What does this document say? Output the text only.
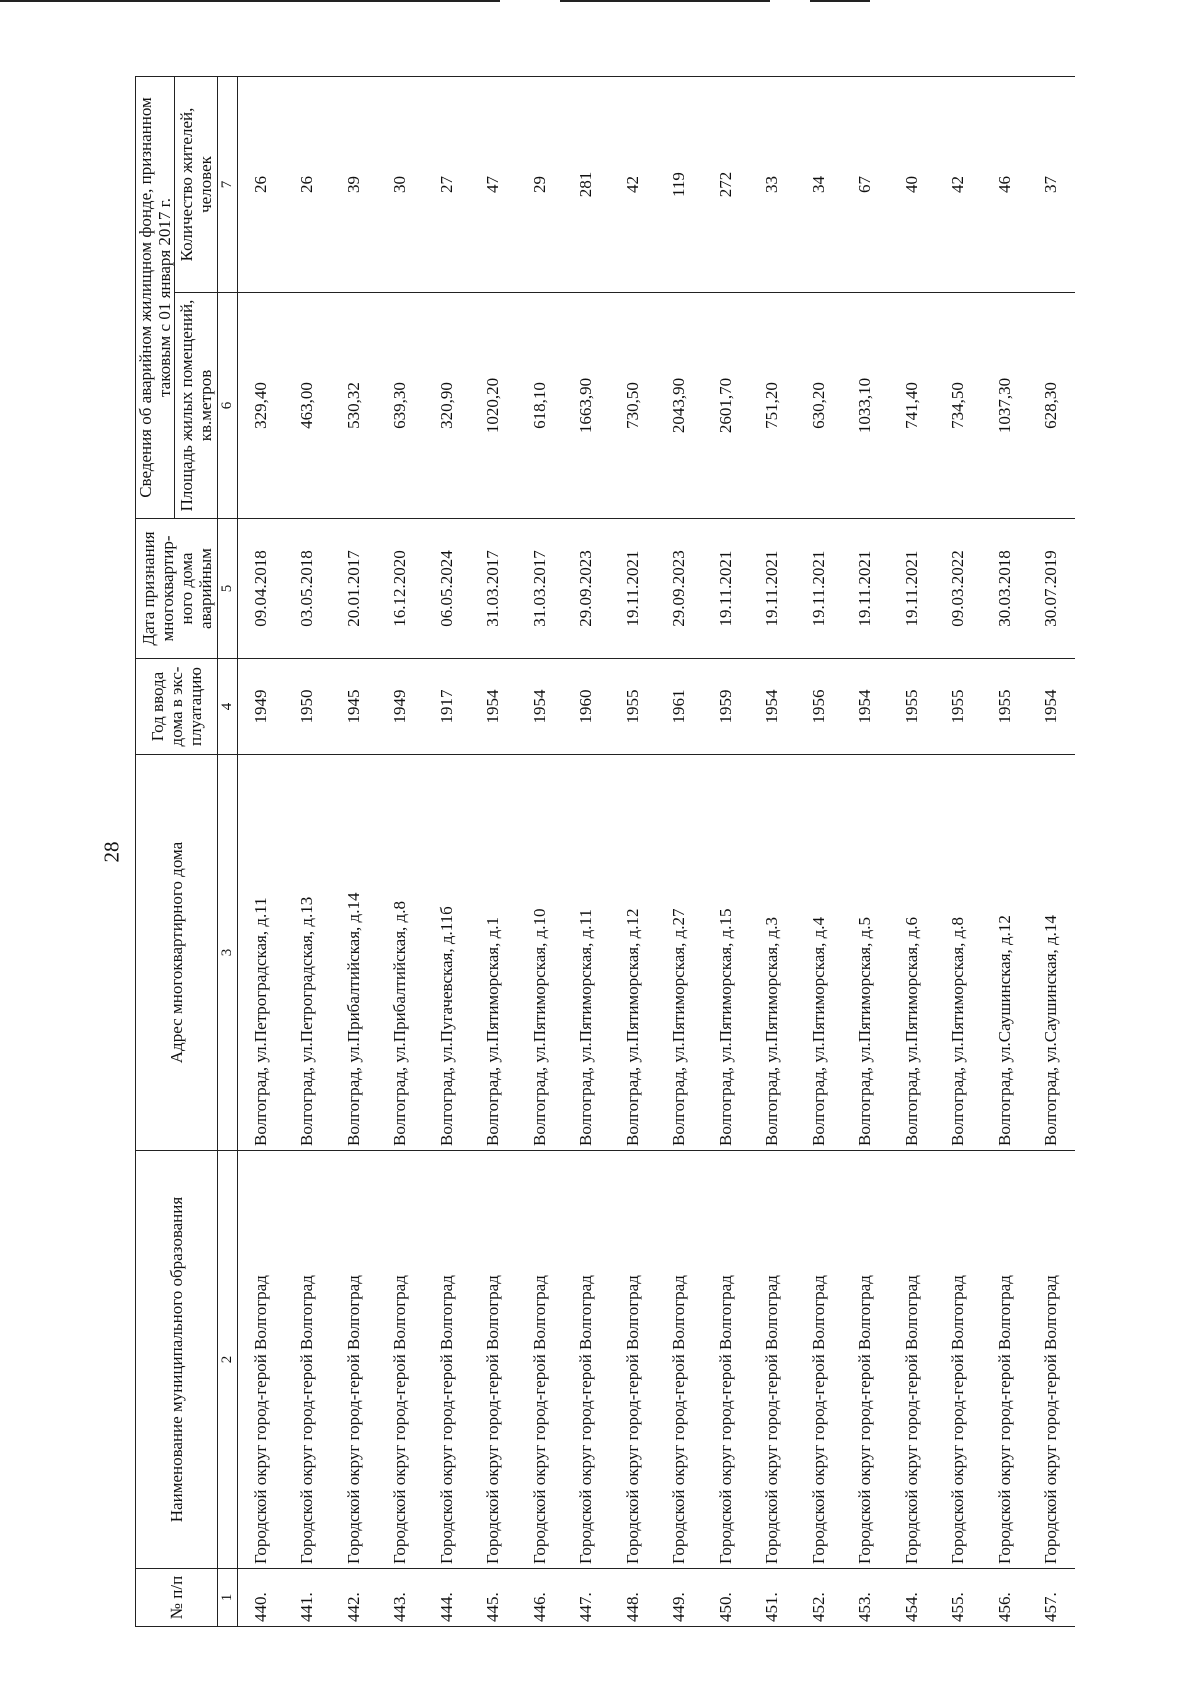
28
№ п/п	Наименование муниципального образования	Адрес многоквартирного дома	Год ввода дома в экс-плуатацию	Дата признания многоквартир-ного дома аварийным	Сведения об аварийном жилищном фонде, признанном таковым с 01 января 2017 г.	
					Площадь жилых помещений, кв.метров	Количество жителей, человек
1	2	3	4	5	6	7
440.	Городской округ город-герой Волгоград	Волгоград, ул.Петроградская, д.11	1949	09.04.2018	329,40	26
441.	Городской округ город-герой Волгоград	Волгоград, ул.Петроградская, д.13	1950	03.05.2018	463,00	26
442.	Городской округ город-герой Волгоград	Волгоград, ул.Прибалтийская, д.14	1945	20.01.2017	530,32	39
443.	Городской округ город-герой Волгоград	Волгоград, ул.Прибалтийская, д.8	1949	16.12.2020	639,30	30
444.	Городской округ город-герой Волгоград	Волгоград, ул.Пугачевская, д.11б	1917	06.05.2024	320,90	27
445.	Городской округ город-герой Волгоград	Волгоград, ул.Пятиморская, д.1	1954	31.03.2017	1020,20	47
446.	Городской округ город-герой Волгоград	Волгоград, ул.Пятиморская, д.10	1954	31.03.2017	618,10	29
447.	Городской округ город-герой Волгоград	Волгоград, ул.Пятиморская, д.11	1960	29.09.2023	1663,90	281
448.	Городской округ город-герой Волгоград	Волгоград, ул.Пятиморская, д.12	1955	19.11.2021	730,50	42
449.	Городской округ город-герой Волгоград	Волгоград, ул.Пятиморская, д.27	1961	29.09.2023	2043,90	119
450.	Городской округ город-герой Волгоград	Волгоград, ул.Пятиморская, д.15	1959	19.11.2021	2601,70	272
451.	Городской округ город-герой Волгоград	Волгоград, ул.Пятиморская, д.3	1954	19.11.2021	751,20	33
452.	Городской округ город-герой Волгоград	Волгоград, ул.Пятиморская, д.4	1956	19.11.2021	630,20	34
453.	Городской округ город-герой Волгоград	Волгоград, ул.Пятиморская, д.5	1954	19.11.2021	1033,10	67
454.	Городской округ город-герой Волгоград	Волгоград, ул.Пятиморская, д.6	1955	19.11.2021	741,40	40
455.	Городской округ город-герой Волгоград	Волгоград, ул.Пятиморская, д.8	1955	09.03.2022	734,50	42
456.	Городской округ город-герой Волгоград	Волгоград, ул.Саушинская, д.12	1955	30.03.2018	1037,30	46
457.	Городской округ город-герой Волгоград	Волгоград, ул.Саушинская, д.14	1954	30.07.2019	628,30	37
